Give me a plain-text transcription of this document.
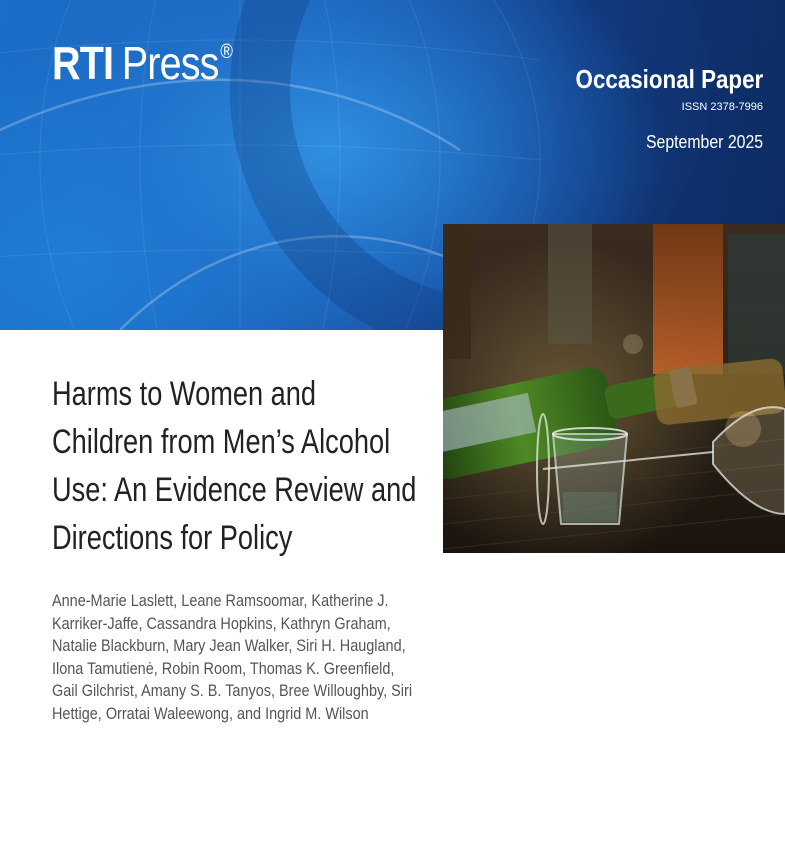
RTI Press®
Occasional Paper
ISSN 2378-7996
September 2025
Harms to Women and
Children from Men’s Alcohol
Use: An Evidence Review and
Directions for Policy
Anne-Marie Laslett, Leane Ramsoomar, Katherine J.
Karriker-Jaffe, Cassandra Hopkins, Kathryn Graham,
Natalie Blackburn, Mary Jean Walker, Siri H. Haugland,
Ilona Tamutienė, Robin Room, Thomas K. Greenfield,
Gail Gilchrist, Amany S. B. Tanyos, Bree Willoughby, Siri
Hettige, Orratai Waleewong, and Ingrid M. Wilson
